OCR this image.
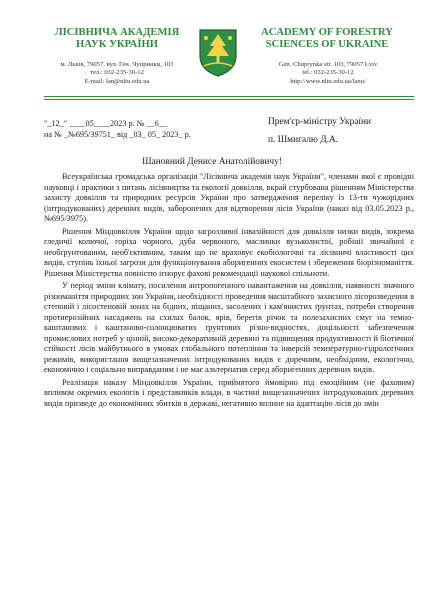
ЛІСІВНИЧА АКАДЕМІЯ НАУК УКРАЇНИ
ACADEMY OF FORESTRY SCIENCES OF UKRAINE
м. Львів, 79057, вул. Ген. Чупринки, 103
тел.: 032-235-30-12
E-mail: lan@nltu.edu.ua
Gen. Chuprynka str. 103, 79057 Lviv
tel.: 032-235-30-12
http://www.nltu.edu.ua/lanu/
"_12_" ____05____2023 р. № __6__
на № _№695/39751_ від _03_ 05_ 2023_ р.
Прем'єр-міністру України
п. Шмигалю Д.А.
Шановний Денисе Анатолійовичу!

Всеукраїнська громадська організація "Лісівнича академія наук України", членами якої є провідні науковці і практики з питань лісівництва та екології довкілля, вкрай стурбована рішенням Міністерства захисту довкілля та природних ресурсів України про затвердження переліку із 13-ти чужорідних (інтродукованих) деревних видів, заборонених для відтворення лісів України (наказ від 03.05.2023 р., №695/3975).

Рішення Міндовкілля України щодо загрозливої інвазійності для довкілля низки видів, зокрема гледичії колючої, горіха чорного, дуба червоного, маслинки вузьколистої, робінії звичайної є необґрунтованим, необ'єктивним, таким що не враховує екобіологічні та лісівничі властивості цих видів, ступінь їхньої загрози для функціонування аборигенних екосистем і збереження біорізноманіття. Рішення Міністерства повністю ігнорує фахові рекомендації наукової спільноти.

У період зміни клімату, посилення антропогенного навантаження на довкілля, наявності значного різноманіття природних зон України, необхідності проведення масштабного захисного лісорозведення в степовій і лісостеповій зонах на бідних, піщаних, засолених і кам'янистих ґрунтах, потреби створення протиерозійних насаджень на схилах балок, ярів, берегів річок та полезахисних смуг на темно-каштанових і каштаново-солонцюватих ґрунтових різно-видностях, доцільності забезпечення промислових потреб у цінній, високо-декоративній деревині та підвищення продуктивності й біотичної стійкості лісів майбутнього в умовах глобального потепління та інверсій температурно-гідрологічних режимів, використання вищезазначених інтродукованих видів є доречним, необхідним, екологічно, економічно і соціально виправданим і не має альтернатив серед аборигенних деревних видів.

Реалізація наказу Міндовкілля України, прийнятого ймовірно під емоційним (не фаховим) впливом окремих екологів і представників влади, в частині вищезазначених інтродукованих деревних видів призведе до економічних збитків в державі, негативно вплине на адаптацію лісів до змін
